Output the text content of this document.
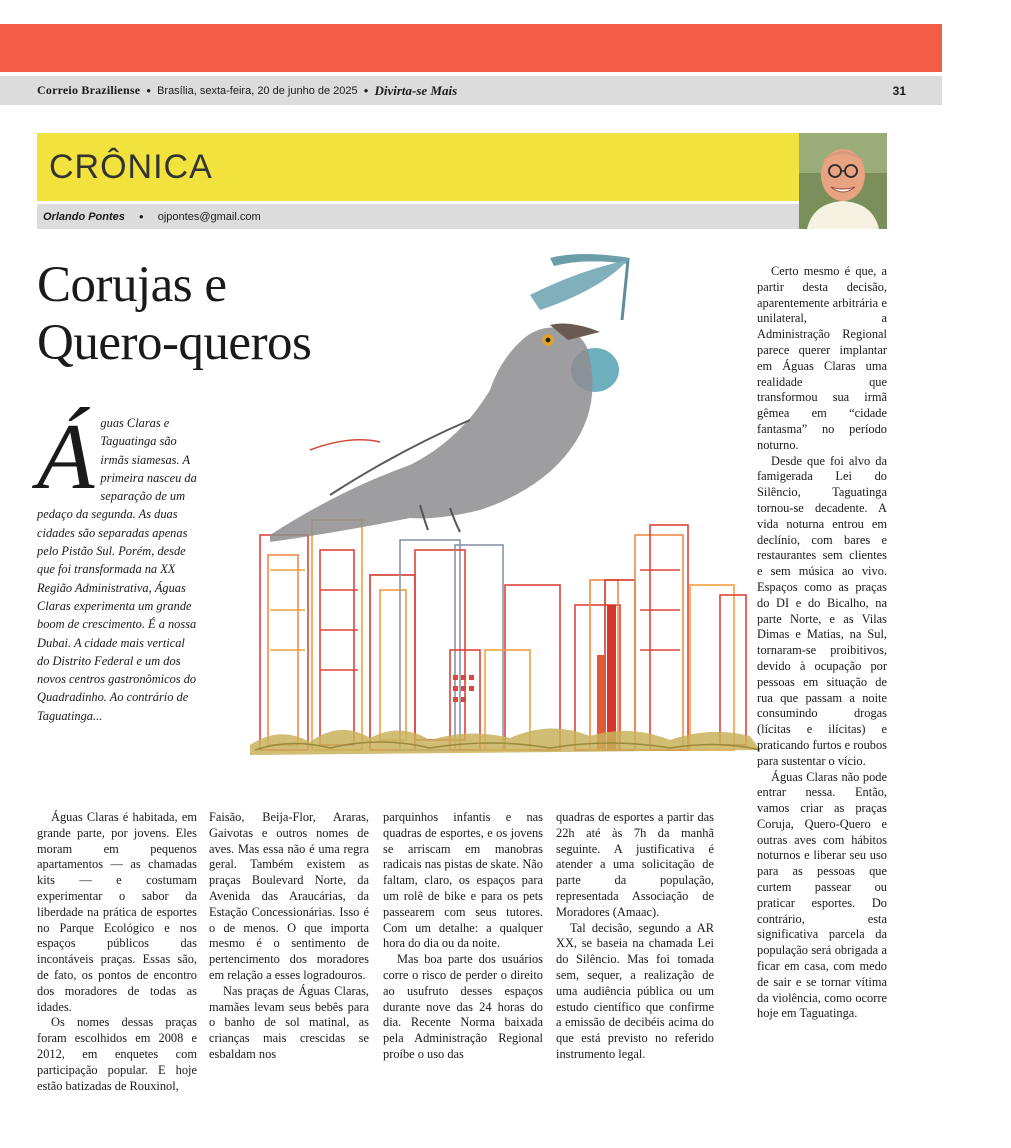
Correio Braziliense ● Brasília, sexta-feira, 20 de junho de 2025 ● Divirta-se Mais	31
CRÔNICA
Orlando Pontes ● ojpontes@gmail.com
Corujas e
Quero-queros

Águas Claras e Taguatinga são irmãs siamesas. A primeira nasceu da separação de um pedaço da segunda. As duas cidades são separadas apenas pelo Pistão Sul. Porém, desde que foi transformada na XX Região Administrativa, Águas Claras experimenta um grande boom de crescimento. É a nossa Dubai. A cidade mais vertical do Distrito Federal e um dos novos centros gastronômicos do Quadradinho. Ao contrário de Taguatinga...

Certo mesmo é que, a partir desta decisão, aparentemente arbitrária e unilateral, a Administração Regional parece querer implantar em Águas Claras uma realidade que transformou sua irmã gêmea em “cidade fantasma” no período noturno.

Desde que foi alvo da famigerada Lei do Silêncio, Taguatinga tornou-se decadente. A vida noturna entrou em declínio, com bares e restaurantes sem clientes e sem música ao vivo. Espaços como as praças do DI e do Bicalho, na parte Norte, e as Vilas Dimas e Matias, na Sul, tornaram-se proibitivos, devido à ocupação por pessoas em situação de rua que passam a noite consumindo drogas (lícitas e ilícitas) e praticando furtos e roubos para sustentar o vício.

Águas Claras não pode entrar nessa. Então, vamos criar as praças Coruja, Quero-Quero e outras aves com hábitos noturnos e liberar seu uso para as pessoas que curtem passear ou praticar esportes. Do contrário, esta significativa parcela da população será obrigada a ficar em casa, com medo de sair e se tornar vítima da violência, como ocorre hoje em Taguatinga.

Águas Claras é habitada, em grande parte, por jovens. Eles moram em pequenos apartamentos — as chamadas kits — e costumam experimentar o sabor da liberdade na prática de esportes no Parque Ecológico e nos espaços públicos das incontáveis praças. Essas são, de fato, os pontos de encontro dos moradores de todas as idades.

Os nomes dessas praças foram escolhidos em 2008 e 2012, em enquetes com participação popular. E hoje estão batizadas de Rouxinol,

Faisão, Beija-Flor, Araras, Gaivotas e outros nomes de aves. Mas essa não é uma regra geral. Também existem as praças Boulevard Norte, da Avenida das Araucárias, da Estação Concessionárias. Isso é o de menos. O que importa mesmo é o sentimento de pertencimento dos moradores em relação a esses logradouros.

Nas praças de Águas Claras, mamães levam seus bebês para o banho de sol matinal, as crianças mais crescidas se esbaldam nos

parquinhos infantis e nas quadras de esportes, e os jovens se arriscam em manobras radicais nas pistas de skate. Não faltam, claro, os espaços para um rolê de bike e para os pets passearem com seus tutores. Com um detalhe: a qualquer hora do dia ou da noite.

Mas boa parte dos usuários corre o risco de perder o direito ao usufruto desses espaços durante nove das 24 horas do dia. Recente Norma baixada pela Administração Regional proíbe o uso das

quadras de esportes a partir das 22h até às 7h da manhã seguinte. A justificativa é atender a uma solicitação de parte da população, representada Associação de Moradores (Amaac).

Tal decisão, segundo a AR XX, se baseia na chamada Lei do Silêncio. Mas foi tomada sem, sequer, a realização de uma audiência pública ou um estudo científico que confirme a emissão de decibéis acima do que está previsto no referido instrumento legal.
